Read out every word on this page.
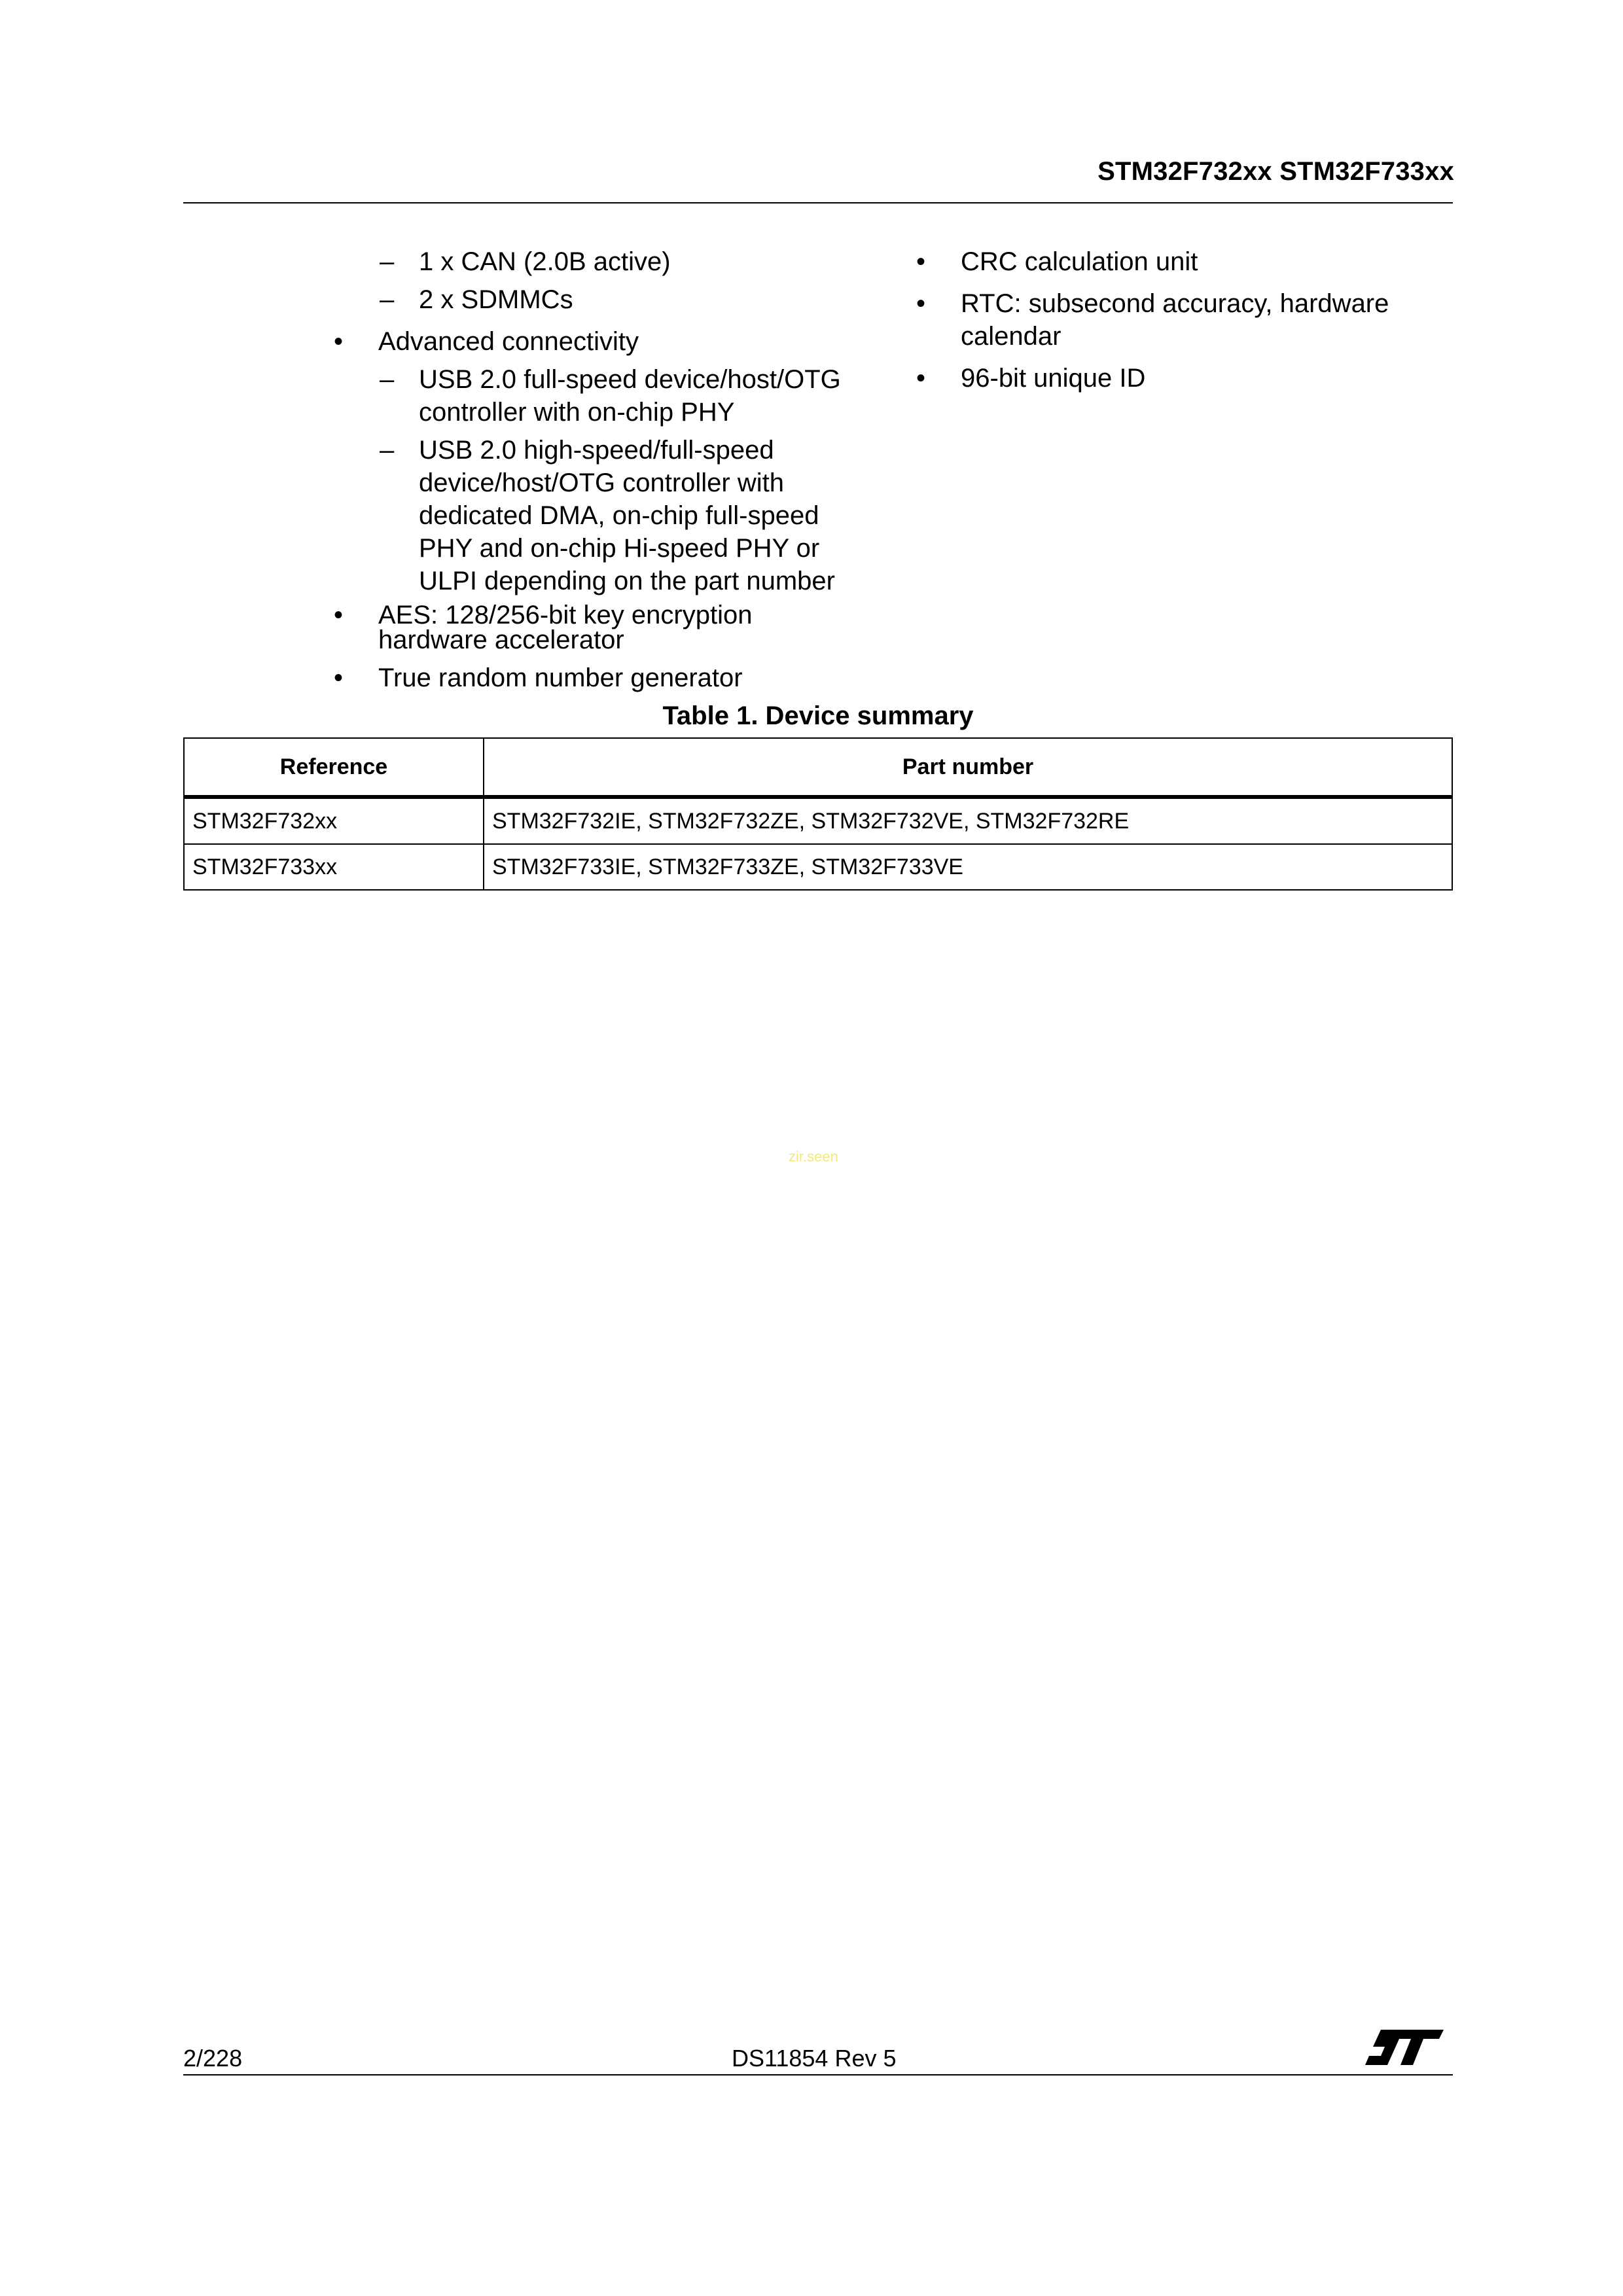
STM32F732xx STM32F733xx
– 1 x CAN (2.0B active)
– 2 x SDMMCs
•	Advanced connectivity
– USB 2.0 full-speed device/host/OTG
controller with on-chip PHY
– USB 2.0 high-speed/full-speed
device/host/OTG controller with
dedicated DMA, on-chip full-speed
PHY and on-chip Hi-speed PHY or
ULPI depending on the part number
•	AES: 128/256-bit key encryption
hardware accelerator
•	True random number generator
•	CRC calculation unit
•	RTC: subsecond accuracy, hardware
calendar
•	96-bit unique ID
Table 1. Device summary
Reference	Part number
STM32F732xx	STM32F732IE, STM32F732ZE, STM32F732VE, STM32F732RE
STM32F733xx	STM32F733IE, STM32F733ZE, STM32F733VE
zir.seen
2/228	DS11854 Rev 5
